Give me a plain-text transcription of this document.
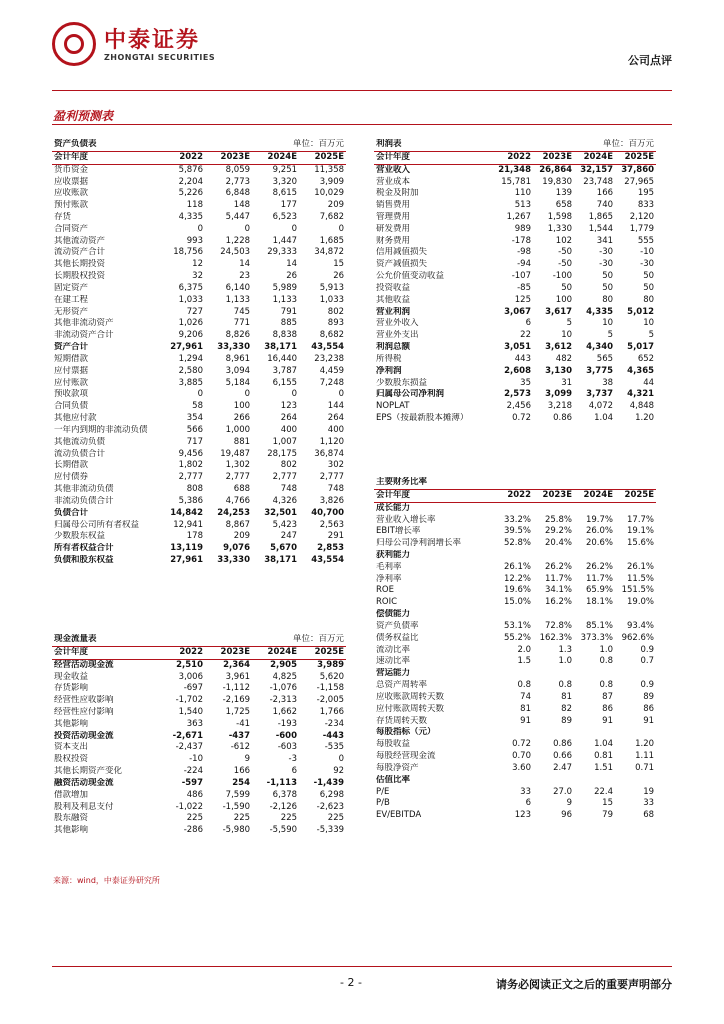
中泰证券
ZHONGTAI SECURITIES	公司点评
盈利预测表
资产负债表			单位：百万元	
会计年度	2022	2023E	2024E	2025E
货币资金	5,876	8,059	9,251	11,358
应收票据	2,204	2,773	3,320	3,909
应收账款	5,226	6,848	8,615	10,029
预付账款	118	148	177	209
存货	4,335	5,447	6,523	7,682
合同资产	0	0	0	0
其他流动资产	993	1,228	1,447	1,685
流动资产合计	18,756	24,503	29,333	34,872
其他长期投资	12	14	14	15
长期股权投资	32	23	26	26
固定资产	6,375	6,140	5,989	5,913
在建工程	1,033	1,133	1,133	1,033
无形资产	727	745	791	802
其他非流动资产	1,026	771	885	893
非流动资产合计	9,206	8,826	8,838	8,682
资产合计	27,961	33,330	38,171	43,554
短期借款	1,294	8,961	16,440	23,238
应付票据	2,580	3,094	3,787	4,459
应付账款	3,885	5,184	6,155	7,248
预收款项	0	0	0	0
合同负债	58	100	123	144
其他应付款	354	266	264	264
一年内到期的非流动负债	566	1,000	400	400
其他流动负债	717	881	1,007	1,120
流动负债合计	9,456	19,487	28,175	36,874
长期借款	1,802	1,302	802	302
应付债券	2,777	2,777	2,777	2,777
其他非流动负债	808	688	748	748
非流动负债合计	5,386	4,766	4,326	3,826
负债合计	14,842	24,253	32,501	40,700
归属母公司所有者权益	12,941	8,867	5,423	2,563
少数股东权益	178	209	247	291
所有者权益合计	13,119	9,076	5,670	2,853
负债和股东权益	27,961	33,330	38,171	43,554
现金流量表			单位：百万元	
会计年度	2022	2023E	2024E	2025E
经营活动现金流	2,510	2,364	2,905	3,989
现金收益	3,006	3,961	4,825	5,620
存货影响	-697	-1,112	-1,076	-1,158
经营性应收影响	-1,702	-2,169	-2,313	-2,005
经营性应付影响	1,540	1,725	1,662	1,766
其他影响	363	-41	-193	-234
投资活动现金流	-2,671	-437	-600	-443
资本支出	-2,437	-612	-603	-535
股权投资	-10	9	-3	0
其他长期资产变化	-224	166	6	92
融资活动现金流	-597	254	-1,113	-1,439
借款增加	486	7,599	6,378	6,298
股利及利息支付	-1,022	-1,590	-2,126	-2,623
股东融资	225	225	225	225
其他影响	-286	-5,980	-5,590	-5,339
利润表			单位：百万元	
会计年度	2022	2023E	2024E	2025E
营业收入	21,348	26,864	32,157	37,860
营业成本	15,781	19,830	23,748	27,965
税金及附加	110	139	166	195
销售费用	513	658	740	833
管理费用	1,267	1,598	1,865	2,120
研发费用	989	1,330	1,544	1,779
财务费用	-178	102	341	555
信用减值损失	-98	-50	-30	-10
资产减值损失	-94	-50	-30	-30
公允价值变动收益	-107	-100	50	50
投资收益	-85	50	50	50
其他收益	125	100	80	80
营业利润	3,067	3,617	4,335	5,012
营业外收入	6	5	10	10
营业外支出	22	10	5	5
利润总额	3,051	3,612	4,340	5,017
所得税	443	482	565	652
净利润	2,608	3,130	3,775	4,365
少数股东损益	35	31	38	44
归属母公司净利润	2,573	3,099	3,737	4,321
NOPLAT	2,456	3,218	4,072	4,848
EPS（按最新股本摊薄）	0.72	0.86	1.04	1.20
主要财务比率				
会计年度	2022	2023E	2024E	2025E
成长能力				
营业收入增长率	33.2%	25.8%	19.7%	17.7%
EBIT增长率	39.5%	29.2%	26.0%	19.1%
归母公司净利润增长率	52.8%	20.4%	20.6%	15.6%
获利能力				
毛利率	26.1%	26.2%	26.2%	26.1%
净利率	12.2%	11.7%	11.7%	11.5%
ROE	19.6%	34.1%	65.9%	151.5%
ROIC	15.0%	16.2%	18.1%	19.0%
偿债能力				
资产负债率	53.1%	72.8%	85.1%	93.4%
债务权益比	55.2%	162.3%	373.3%	962.6%
流动比率	2.0	1.3	1.0	0.9
速动比率	1.5	1.0	0.8	0.7
营运能力				
总资产周转率	0.8	0.8	0.8	0.9
应收账款周转天数	74	81	87	89
应付账款周转天数	81	82	86	86
存货周转天数	91	89	91	91
每股指标（元）				
每股收益	0.72	0.86	1.04	1.20
每股经营现金流	0.70	0.66	0.81	1.11
每股净资产	3.60	2.47	1.51	0.71
估值比率				
P/E	33	27.0	22.4	19
P/B	6	9	15	33
EV/EBITDA	123	96	79	68
来源：wind，中泰证券研究所
- 2 -	请务必阅读正文之后的重要声明部分
